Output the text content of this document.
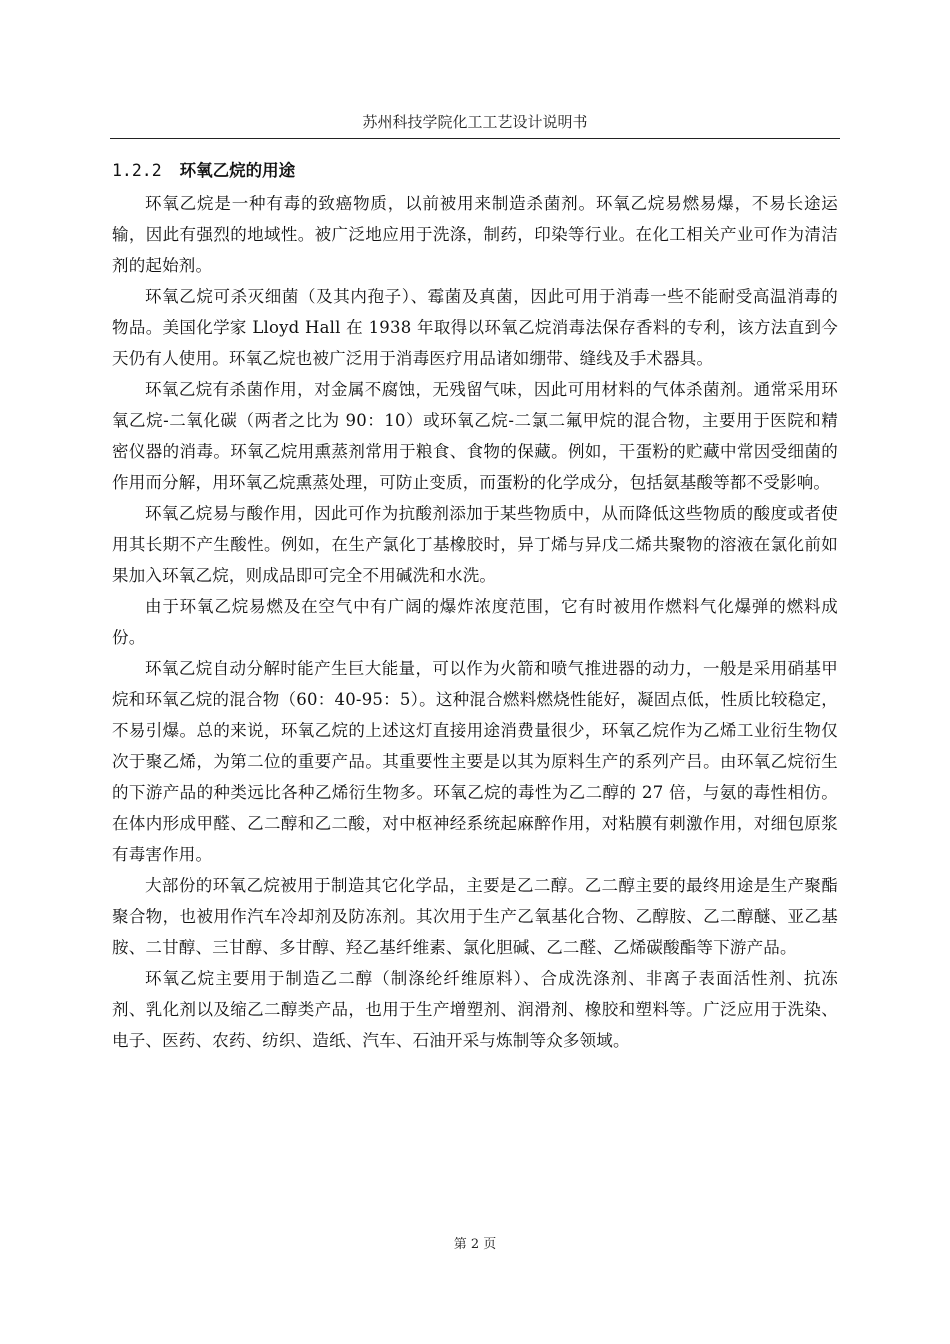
苏州科技学院化工工艺设计说明书
1.2.2 环氧乙烷的用途

环氧乙烷是一种有毒的致癌物质，以前被用来制造杀菌剂。环氧乙烷易燃易爆，不易长途运输，因此有强烈的地域性。被广泛地应用于洗涤，制药，印染等行业。在化工相关产业可作为清洁剂的起始剂。

环氧乙烷可杀灭细菌（及其内孢子）、霉菌及真菌，因此可用于消毒一些不能耐受高温消毒的物品。美国化学家 Lloyd Hall 在 1938 年取得以环氧乙烷消毒法保存香料的专利，该方法直到今天仍有人使用。环氧乙烷也被广泛用于消毒医疗用品诸如绷带、缝线及手术器具。

环氧乙烷有杀菌作用，对金属不腐蚀，无残留气味，因此可用材料的气体杀菌剂。通常采用环氧乙烷-二氧化碳（两者之比为 90：10）或环氧乙烷-二氯二氟甲烷的混合物，主要用于医院和精密仪器的消毒。环氧乙烷用熏蒸剂常用于粮食、食物的保藏。例如，干蛋粉的贮藏中常因受细菌的作用而分解，用环氧乙烷熏蒸处理，可防止变质，而蛋粉的化学成分，包括氨基酸等都不受影响。

环氧乙烷易与酸作用，因此可作为抗酸剂添加于某些物质中，从而降低这些物质的酸度或者使用其长期不产生酸性。例如，在生产氯化丁基橡胶时，异丁烯与异戊二烯共聚物的溶液在氯化前如果加入环氧乙烷，则成品即可完全不用碱洗和水洗。

由于环氧乙烷易燃及在空气中有广阔的爆炸浓度范围，它有时被用作燃料气化爆弹的燃料成份。

环氧乙烷自动分解时能产生巨大能量，可以作为火箭和喷气推进器的动力，一般是采用硝基甲烷和环氧乙烷的混合物（60：40-95：5）。这种混合燃料燃烧性能好，凝固点低，性质比较稳定，不易引爆。总的来说，环氧乙烷的上述这灯直接用途消费量很少，环氧乙烷作为乙烯工业衍生物仅次于聚乙烯，为第二位的重要产品。其重要性主要是以其为原料生产的系列产吕。由环氧乙烷衍生的下游产品的种类远比各种乙烯衍生物多。环氧乙烷的毒性为乙二醇的 27 倍，与氨的毒性相仿。在体内形成甲醛、乙二醇和乙二酸，对中枢神经系统起麻醉作用，对粘膜有刺激作用，对细包原浆有毒害作用。

大部份的环氧乙烷被用于制造其它化学品，主要是乙二醇。乙二醇主要的最终用途是生产聚酯聚合物，也被用作汽车冷却剂及防冻剂。其次用于生产乙氧基化合物、乙醇胺、乙二醇醚、亚乙基胺、二甘醇、三甘醇、多甘醇、羟乙基纤维素、氯化胆碱、乙二醛、乙烯碳酸酯等下游产品。

环氧乙烷主要用于制造乙二醇（制涤纶纤维原料）、合成洗涤剂、非离子表面活性剂、抗冻剂、乳化剂以及缩乙二醇类产品，也用于生产增塑剂、润滑剂、橡胶和塑料等。广泛应用于洗染、电子、医药、农药、纺织、造纸、汽车、石油开采与炼制等众多领域。

第 2 页
